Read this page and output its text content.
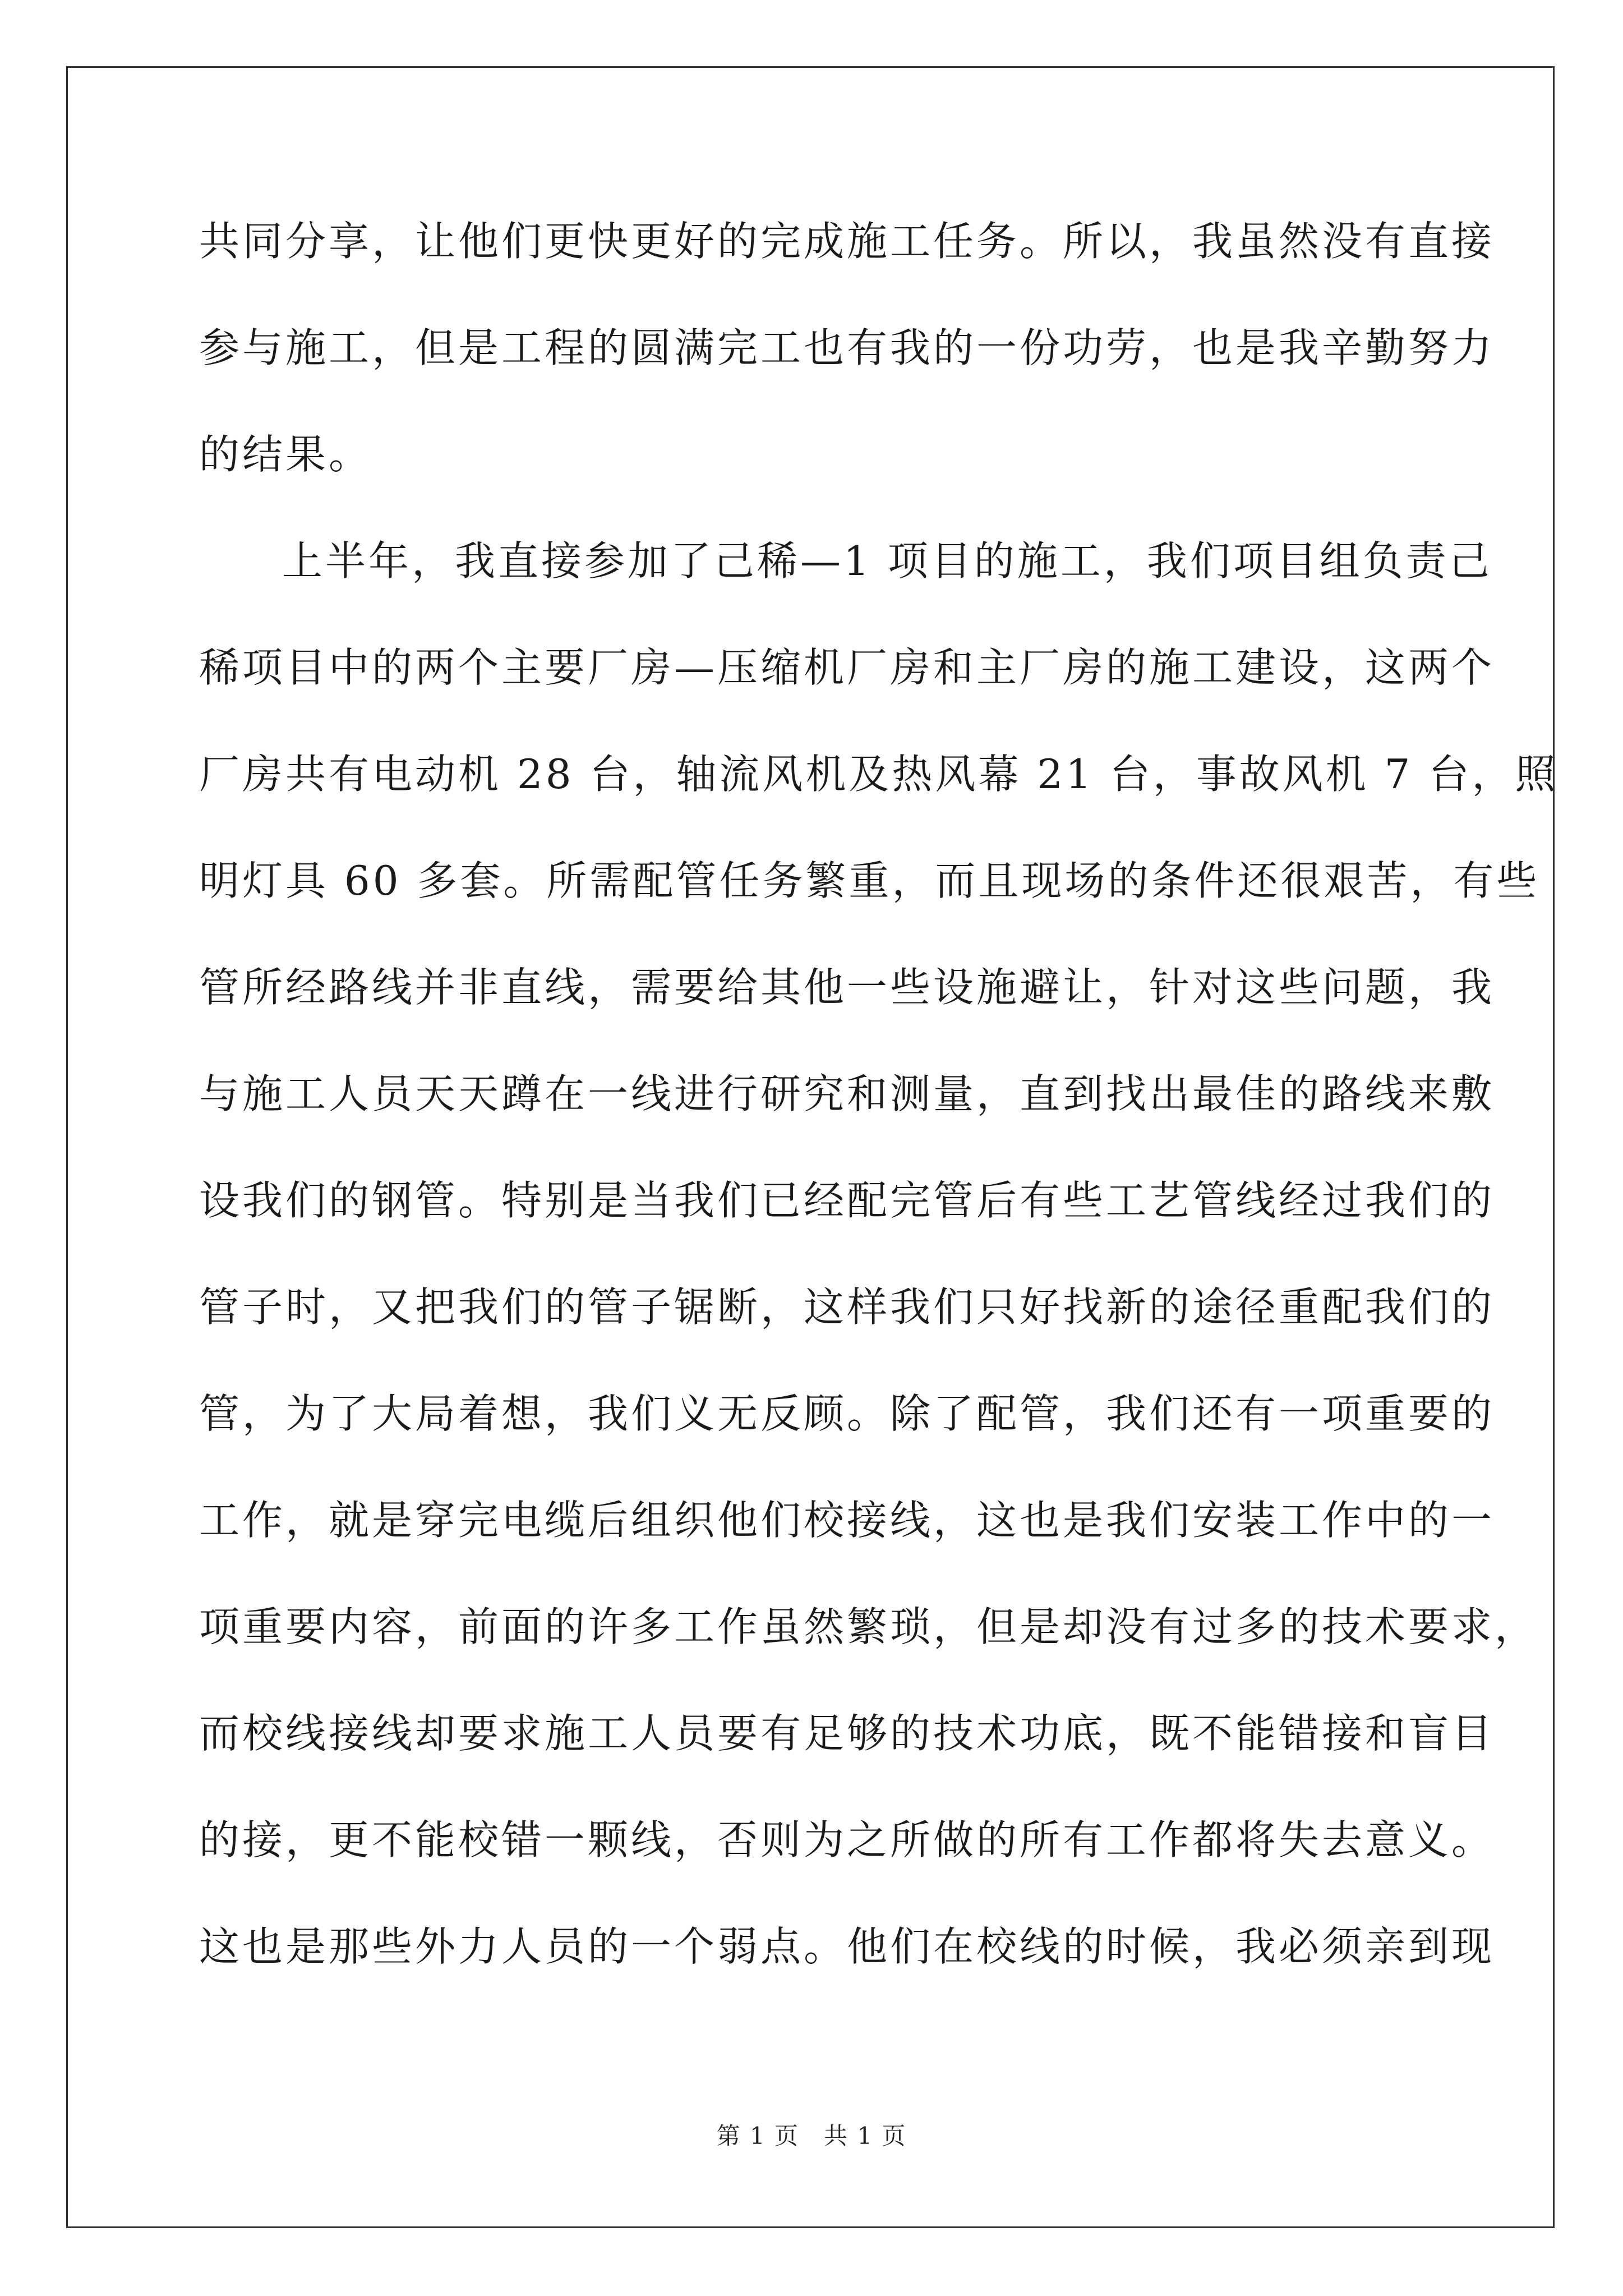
共同分享，让他们更快更好的完成施工任务。所以，我虽然没有直接
参与施工，但是工程的圆满完工也有我的一份功劳，也是我辛勤努力
的结果。
上半年，我直接参加了己稀—1 项目的施工，我们项目组负责己
稀项目中的两个主要厂房—压缩机厂房和主厂房的施工建设，这两个
厂房共有电动机 28 台，轴流风机及热风幕 21 台，事故风机 7 台，照
明灯具 60 多套。所需配管任务繁重，而且现场的条件还很艰苦，有些
管所经路线并非直线，需要给其他一些设施避让，针对这些问题，我
与施工人员天天蹲在一线进行研究和测量，直到找出最佳的路线来敷
设我们的钢管。特别是当我们已经配完管后有些工艺管线经过我们的
管子时，又把我们的管子锯断，这样我们只好找新的途径重配我们的
管，为了大局着想，我们义无反顾。除了配管，我们还有一项重要的
工作，就是穿完电缆后组织他们校接线，这也是我们安装工作中的一
项重要内容，前面的许多工作虽然繁琐，但是却没有过多的技术要求，
而校线接线却要求施工人员要有足够的技术功底，既不能错接和盲目
的接，更不能校错一颗线，否则为之所做的所有工作都将失去意义。
这也是那些外力人员的一个弱点。他们在校线的时候，我必须亲到现
第 1 页　共 1 页
